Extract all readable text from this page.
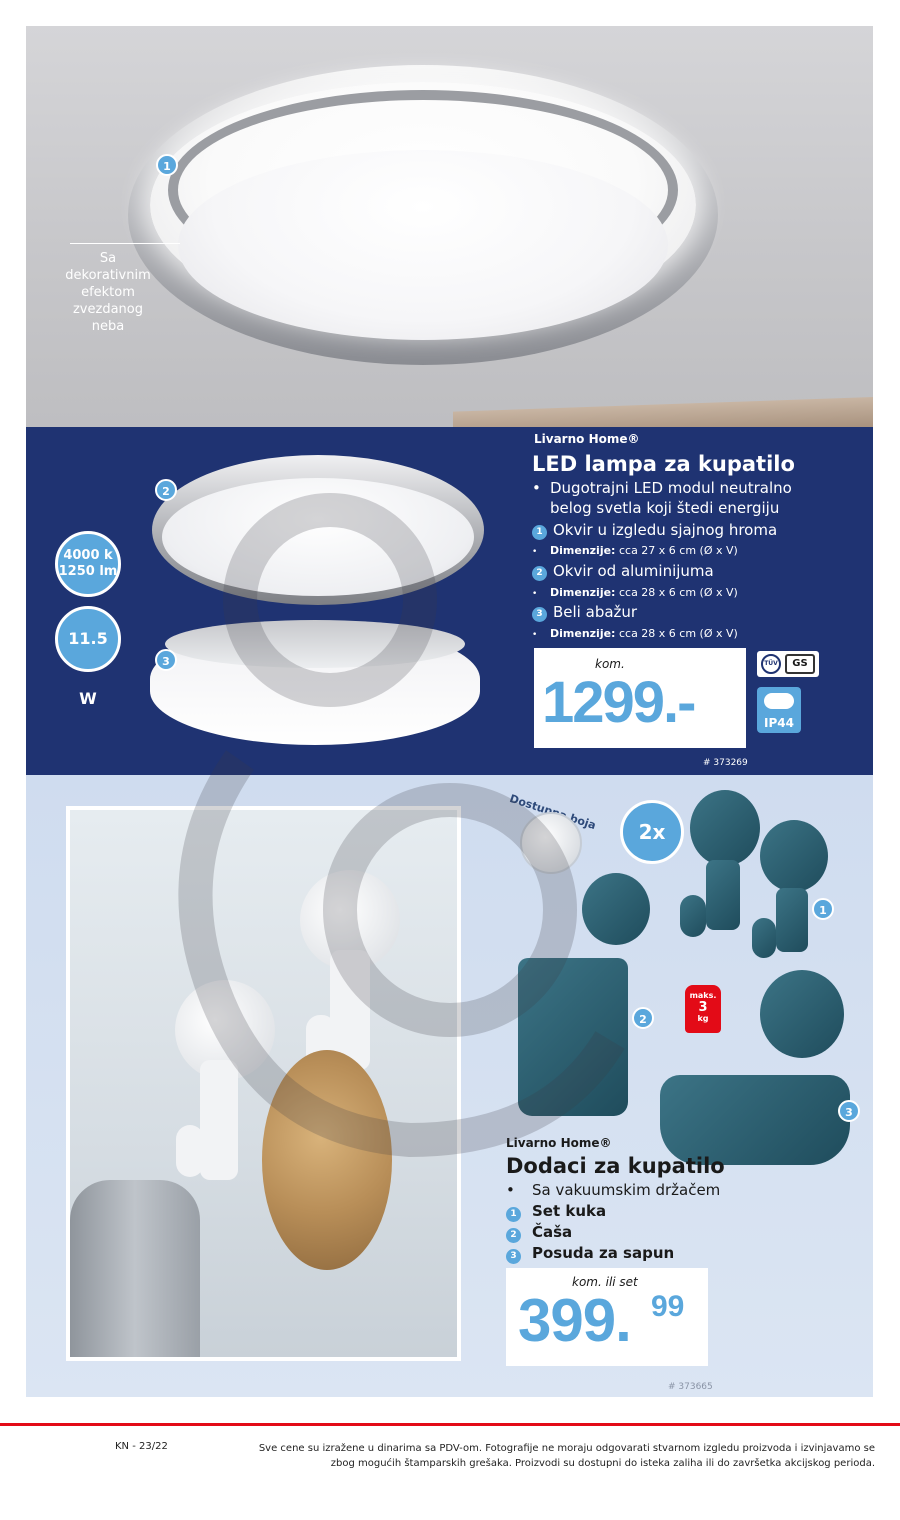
1
Sa dekorativnim efektom zvezdanog neba
4000 k 1250 lm
11.5 W
2
3
Livarno Home®
LED lampa za kupatilo
• Dugotrajni LED modul neutralno belog svetla koji štedi energiju
1 Okvir u izgledu sjajnog hroma
• Dimenzije: cca 27 x 6 cm (Ø x V)
2 Okvir od aluminijuma
• Dimenzije: cca 28 x 6 cm (Ø x V)
3 Beli abažur
• Dimenzije: cca 28 x 6 cm (Ø x V)
kom.
1299.-
TÜV	GS
IP44
# 373269
Dostupna boja	2x
1
2
maks.
3
kg
3
Livarno Home®
Dodaci za kupatilo
• Sa vakuumskim držačem
1 Set kuka
2 Čaša
3 Posuda za sapun
kom. ili set
399. 99
# 373665
KN - 23/22	Sve cene su izražene u dinarima sa PDV-om. Fotografije ne moraju odgovarati stvarnom izgledu proizvoda i izvinjavamo se zbog mogućih štamparskih grešaka. Proizvodi su dostupni do isteka zaliha ili do završetka akcijskog perioda.
